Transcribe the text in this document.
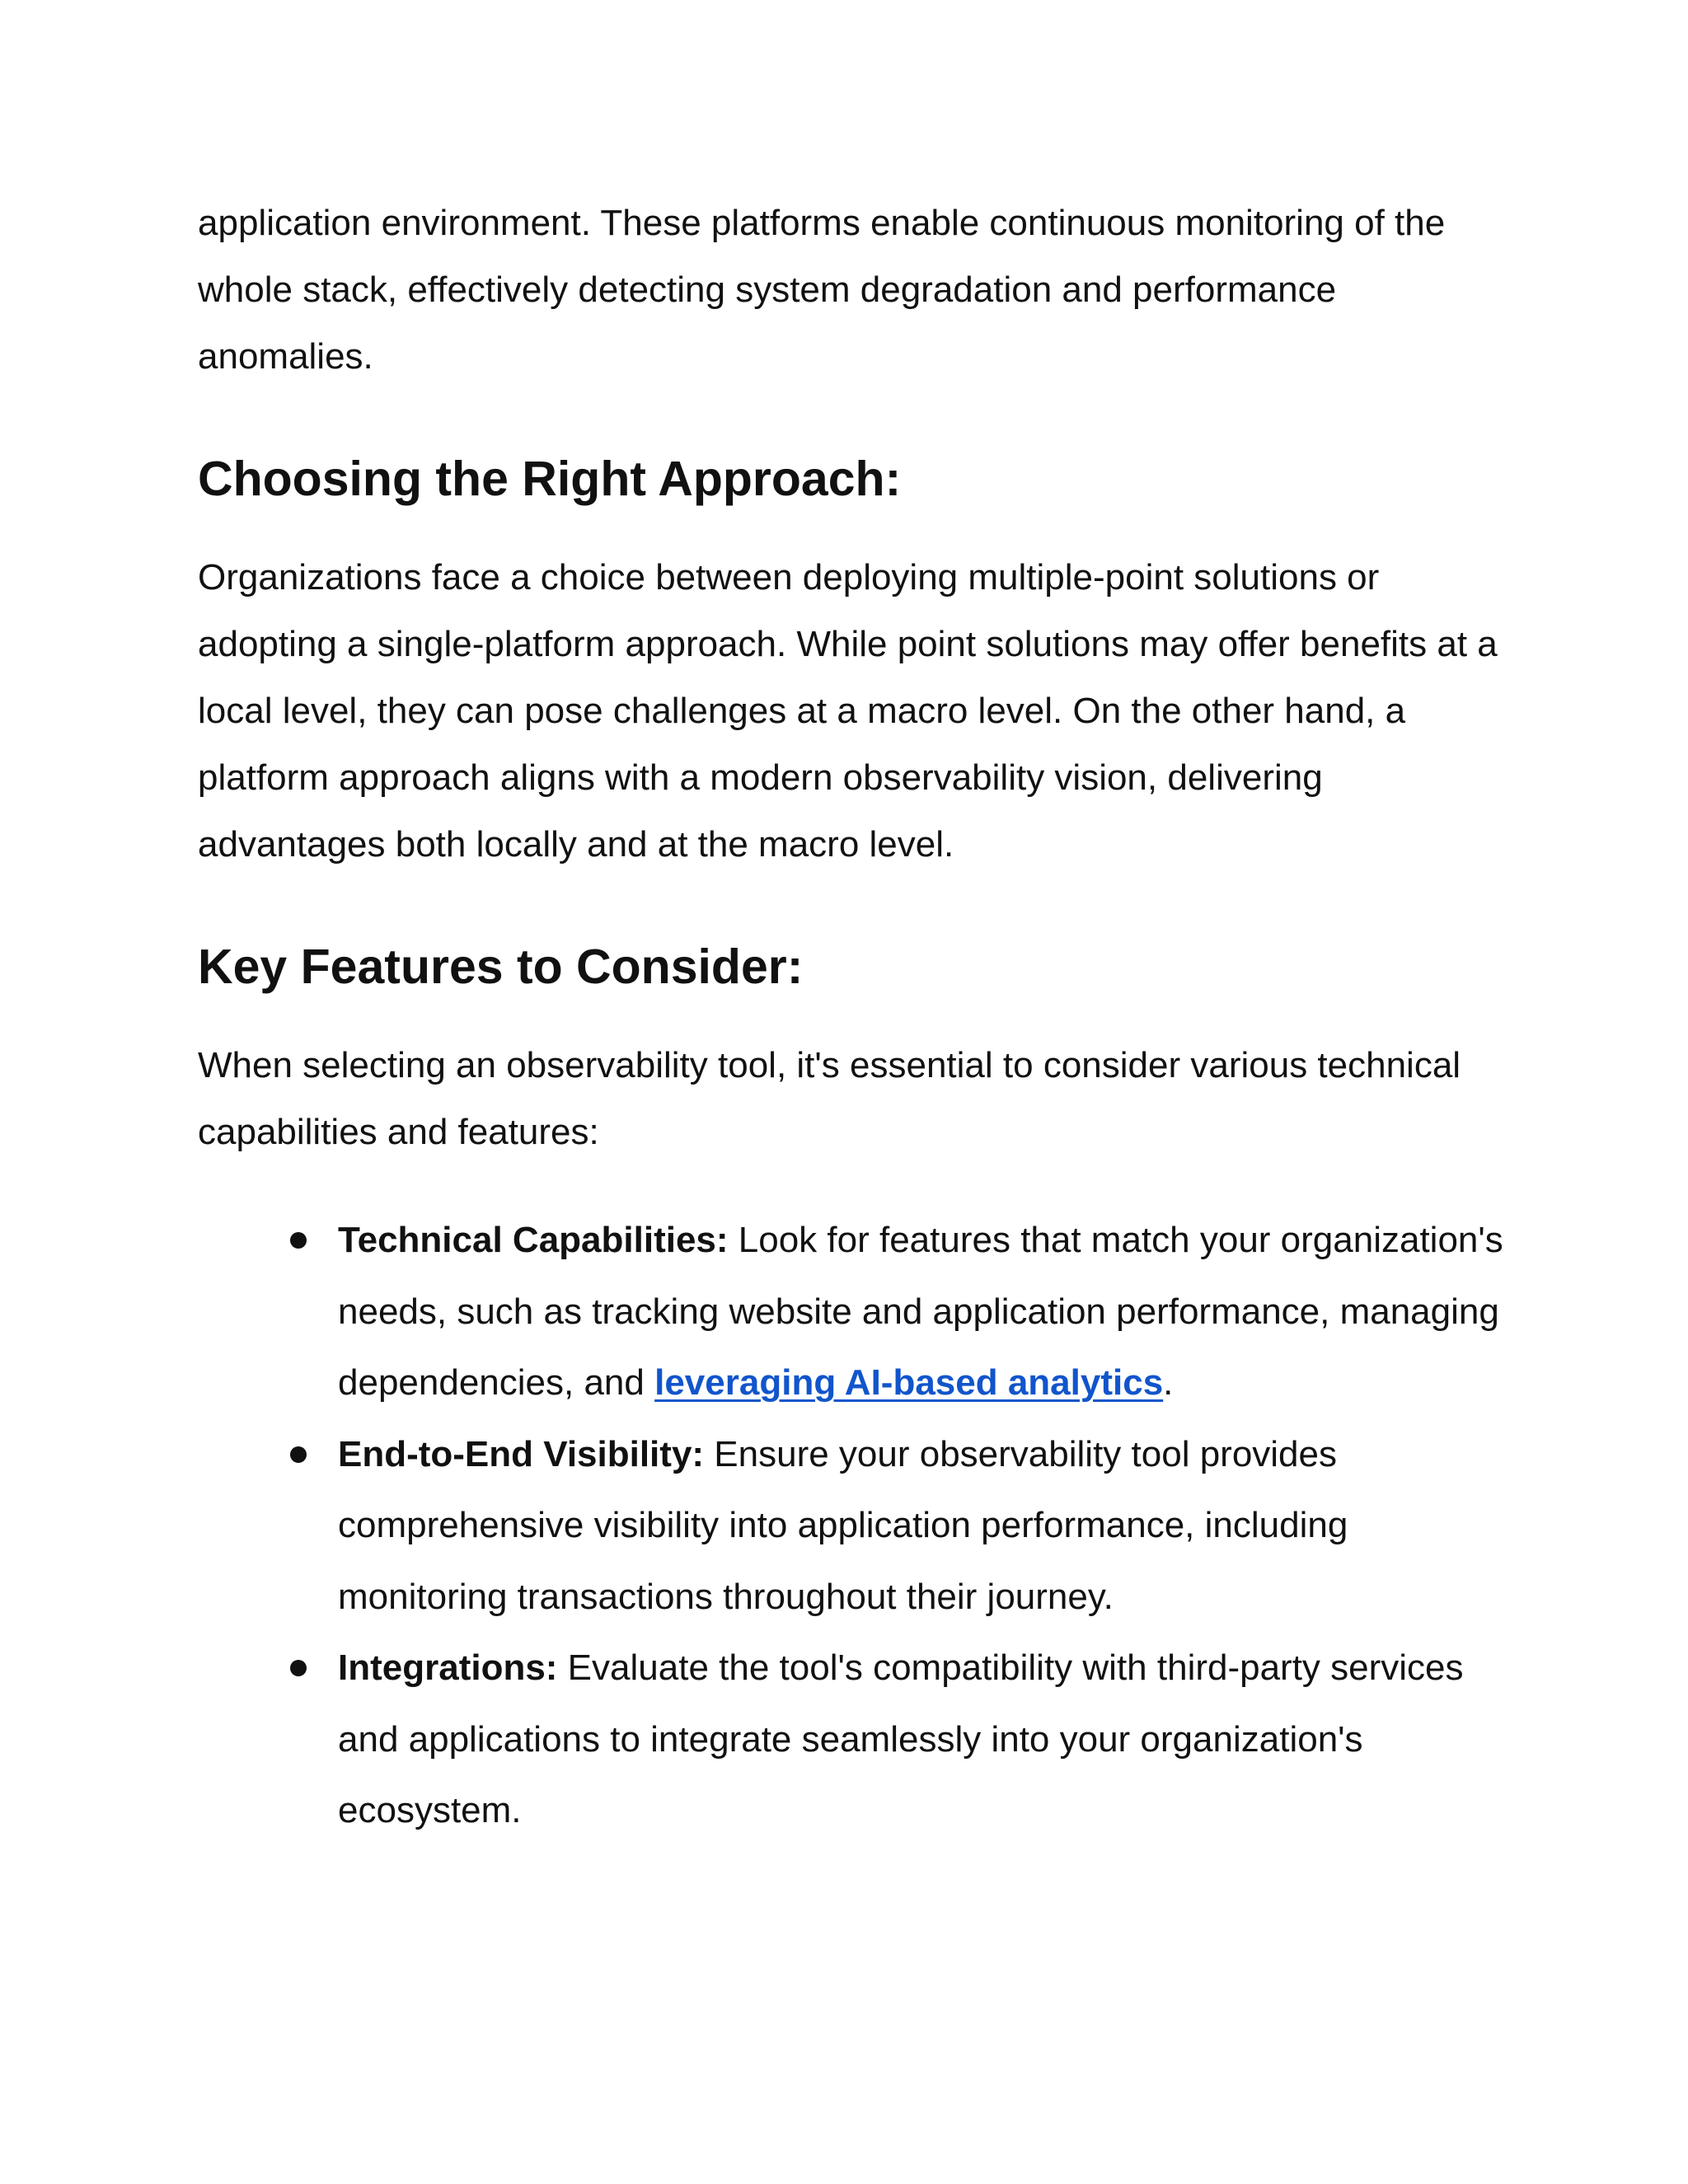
application environment. These platforms enable continuous monitoring of the whole stack, effectively detecting system degradation and performance anomalies.

Choosing the Right Approach:

Organizations face a choice between deploying multiple-point solutions or adopting a single-platform approach. While point solutions may offer benefits at a local level, they can pose challenges at a macro level. On the other hand, a platform approach aligns with a modern observability vision, delivering advantages both locally and at the macro level.

Key Features to Consider:

When selecting an observability tool, it's essential to consider various technical capabilities and features:

Technical Capabilities: Look for features that match your organization's needs, such as tracking website and application performance, managing dependencies, and leveraging AI-based analytics.
End-to-End Visibility: Ensure your observability tool provides comprehensive visibility into application performance, including monitoring transactions throughout their journey.
Integrations: Evaluate the tool's compatibility with third-party services and applications to integrate seamlessly into your organization's ecosystem.
